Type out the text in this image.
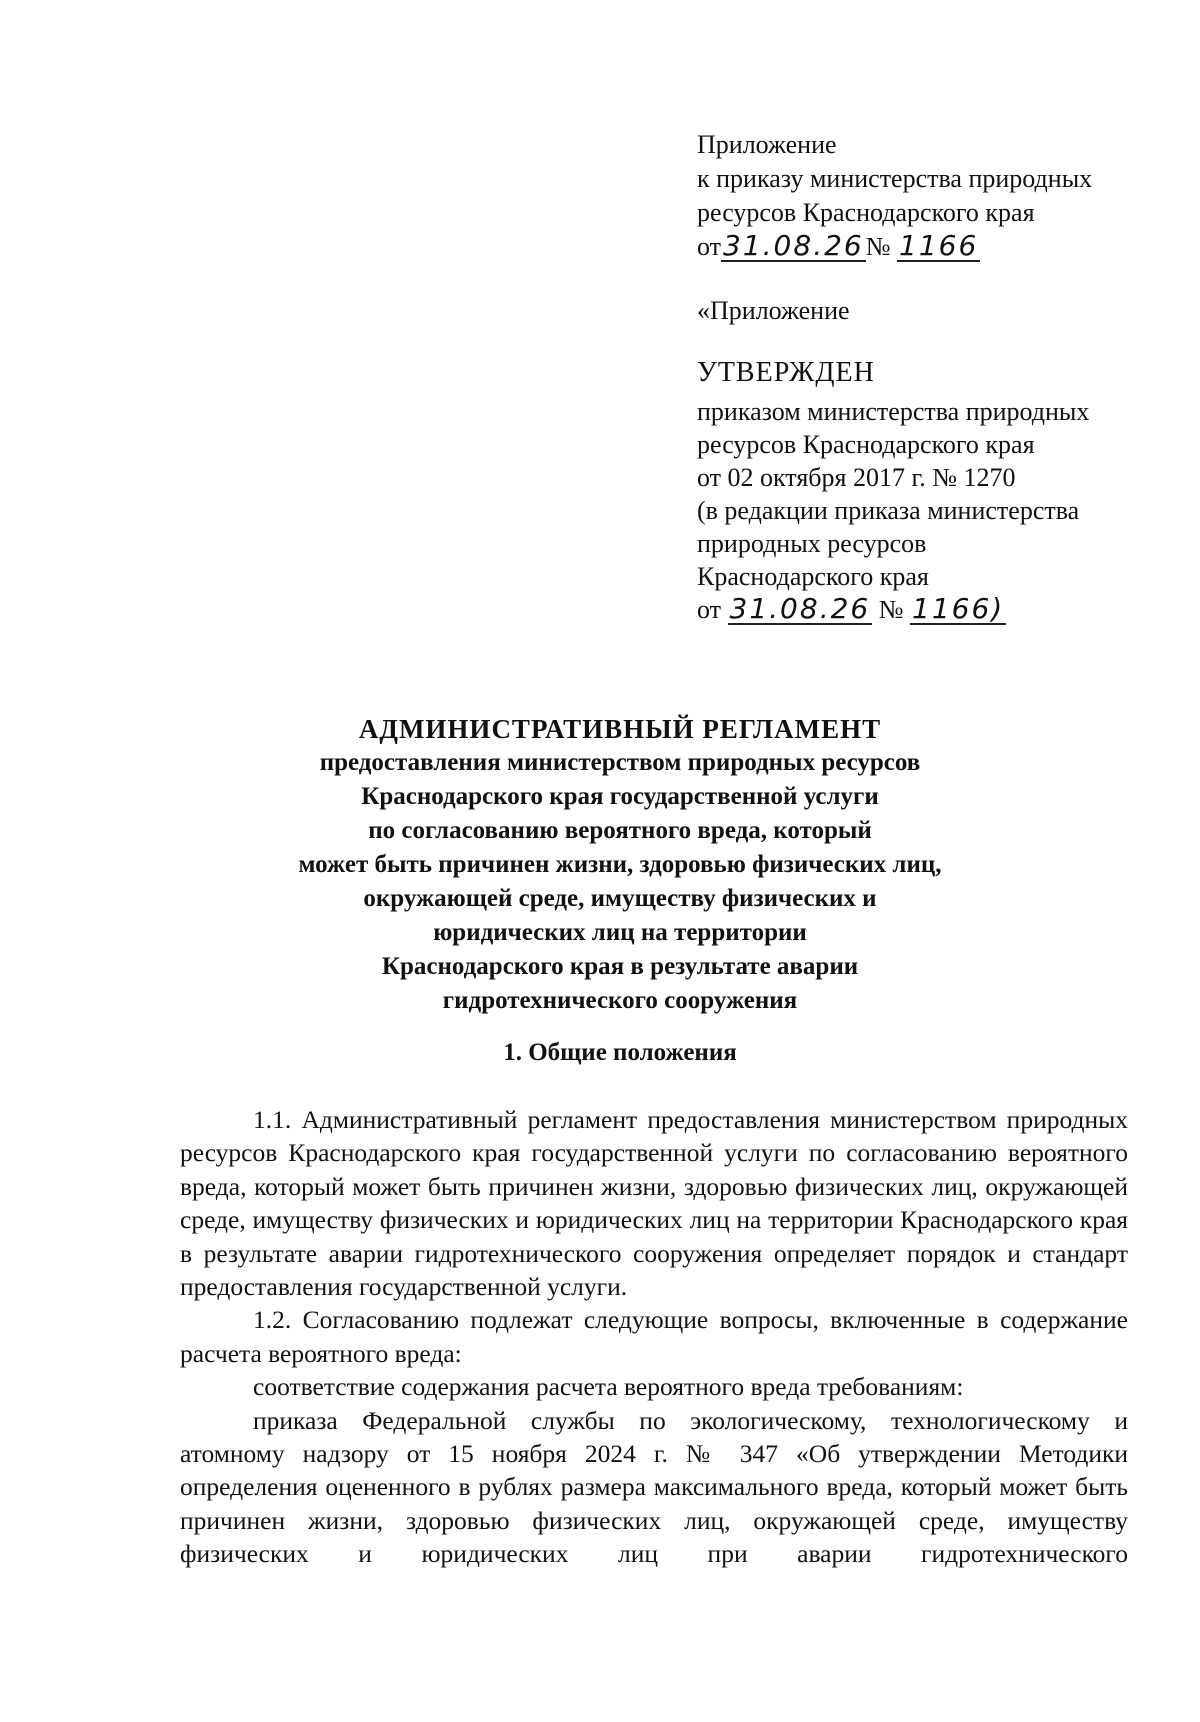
Приложение
к приказу министерства природных
ресурсов Краснодарского края
от31.08.26№ 1166
«Приложение
УТВЕРЖДЕН
приказом министерства природных
ресурсов Краснодарского края
от 02 октября 2017 г. № 1270
(в редакции приказа министерства
природных ресурсов
Краснодарского края
от 31.08.26 № 1166)
АДМИНИСТРАТИВНЫЙ РЕГЛАМЕНТ
предоставления министерством природных ресурсов
Краснодарского края государственной услуги
по согласованию вероятного вреда, который
может быть причинен жизни, здоровью физических лиц,
окружающей среде, имуществу физических и
юридических лиц на территории
Краснодарского края в результате аварии
гидротехнического сооружения
1. Общие положения

1.1. Административный регламент предоставления министерством природных ресурсов Краснодарского края государственной услуги по согласованию вероятного вреда, который может быть причинен жизни, здоровью физических лиц, окружающей среде, имуществу физических и юридических лиц на территории Краснодарского края в результате аварии гидротехнического сооружения определяет порядок и стандарт предоставления государственной услуги.

1.2. Согласованию подлежат следующие вопросы, включенные в содержание расчета вероятного вреда:

соответствие содержания расчета вероятного вреда требованиям:

приказа Федеральной службы по экологическому, технологическому и атомному надзору от 15 ноября 2024 г. № 347 «Об утверждении Методики определения оцененного в рублях размера максимального вреда, который может быть причинен жизни, здоровью физических лиц, окружающей среде, имуществу физических и юридических лиц при аварии гидротехнического
